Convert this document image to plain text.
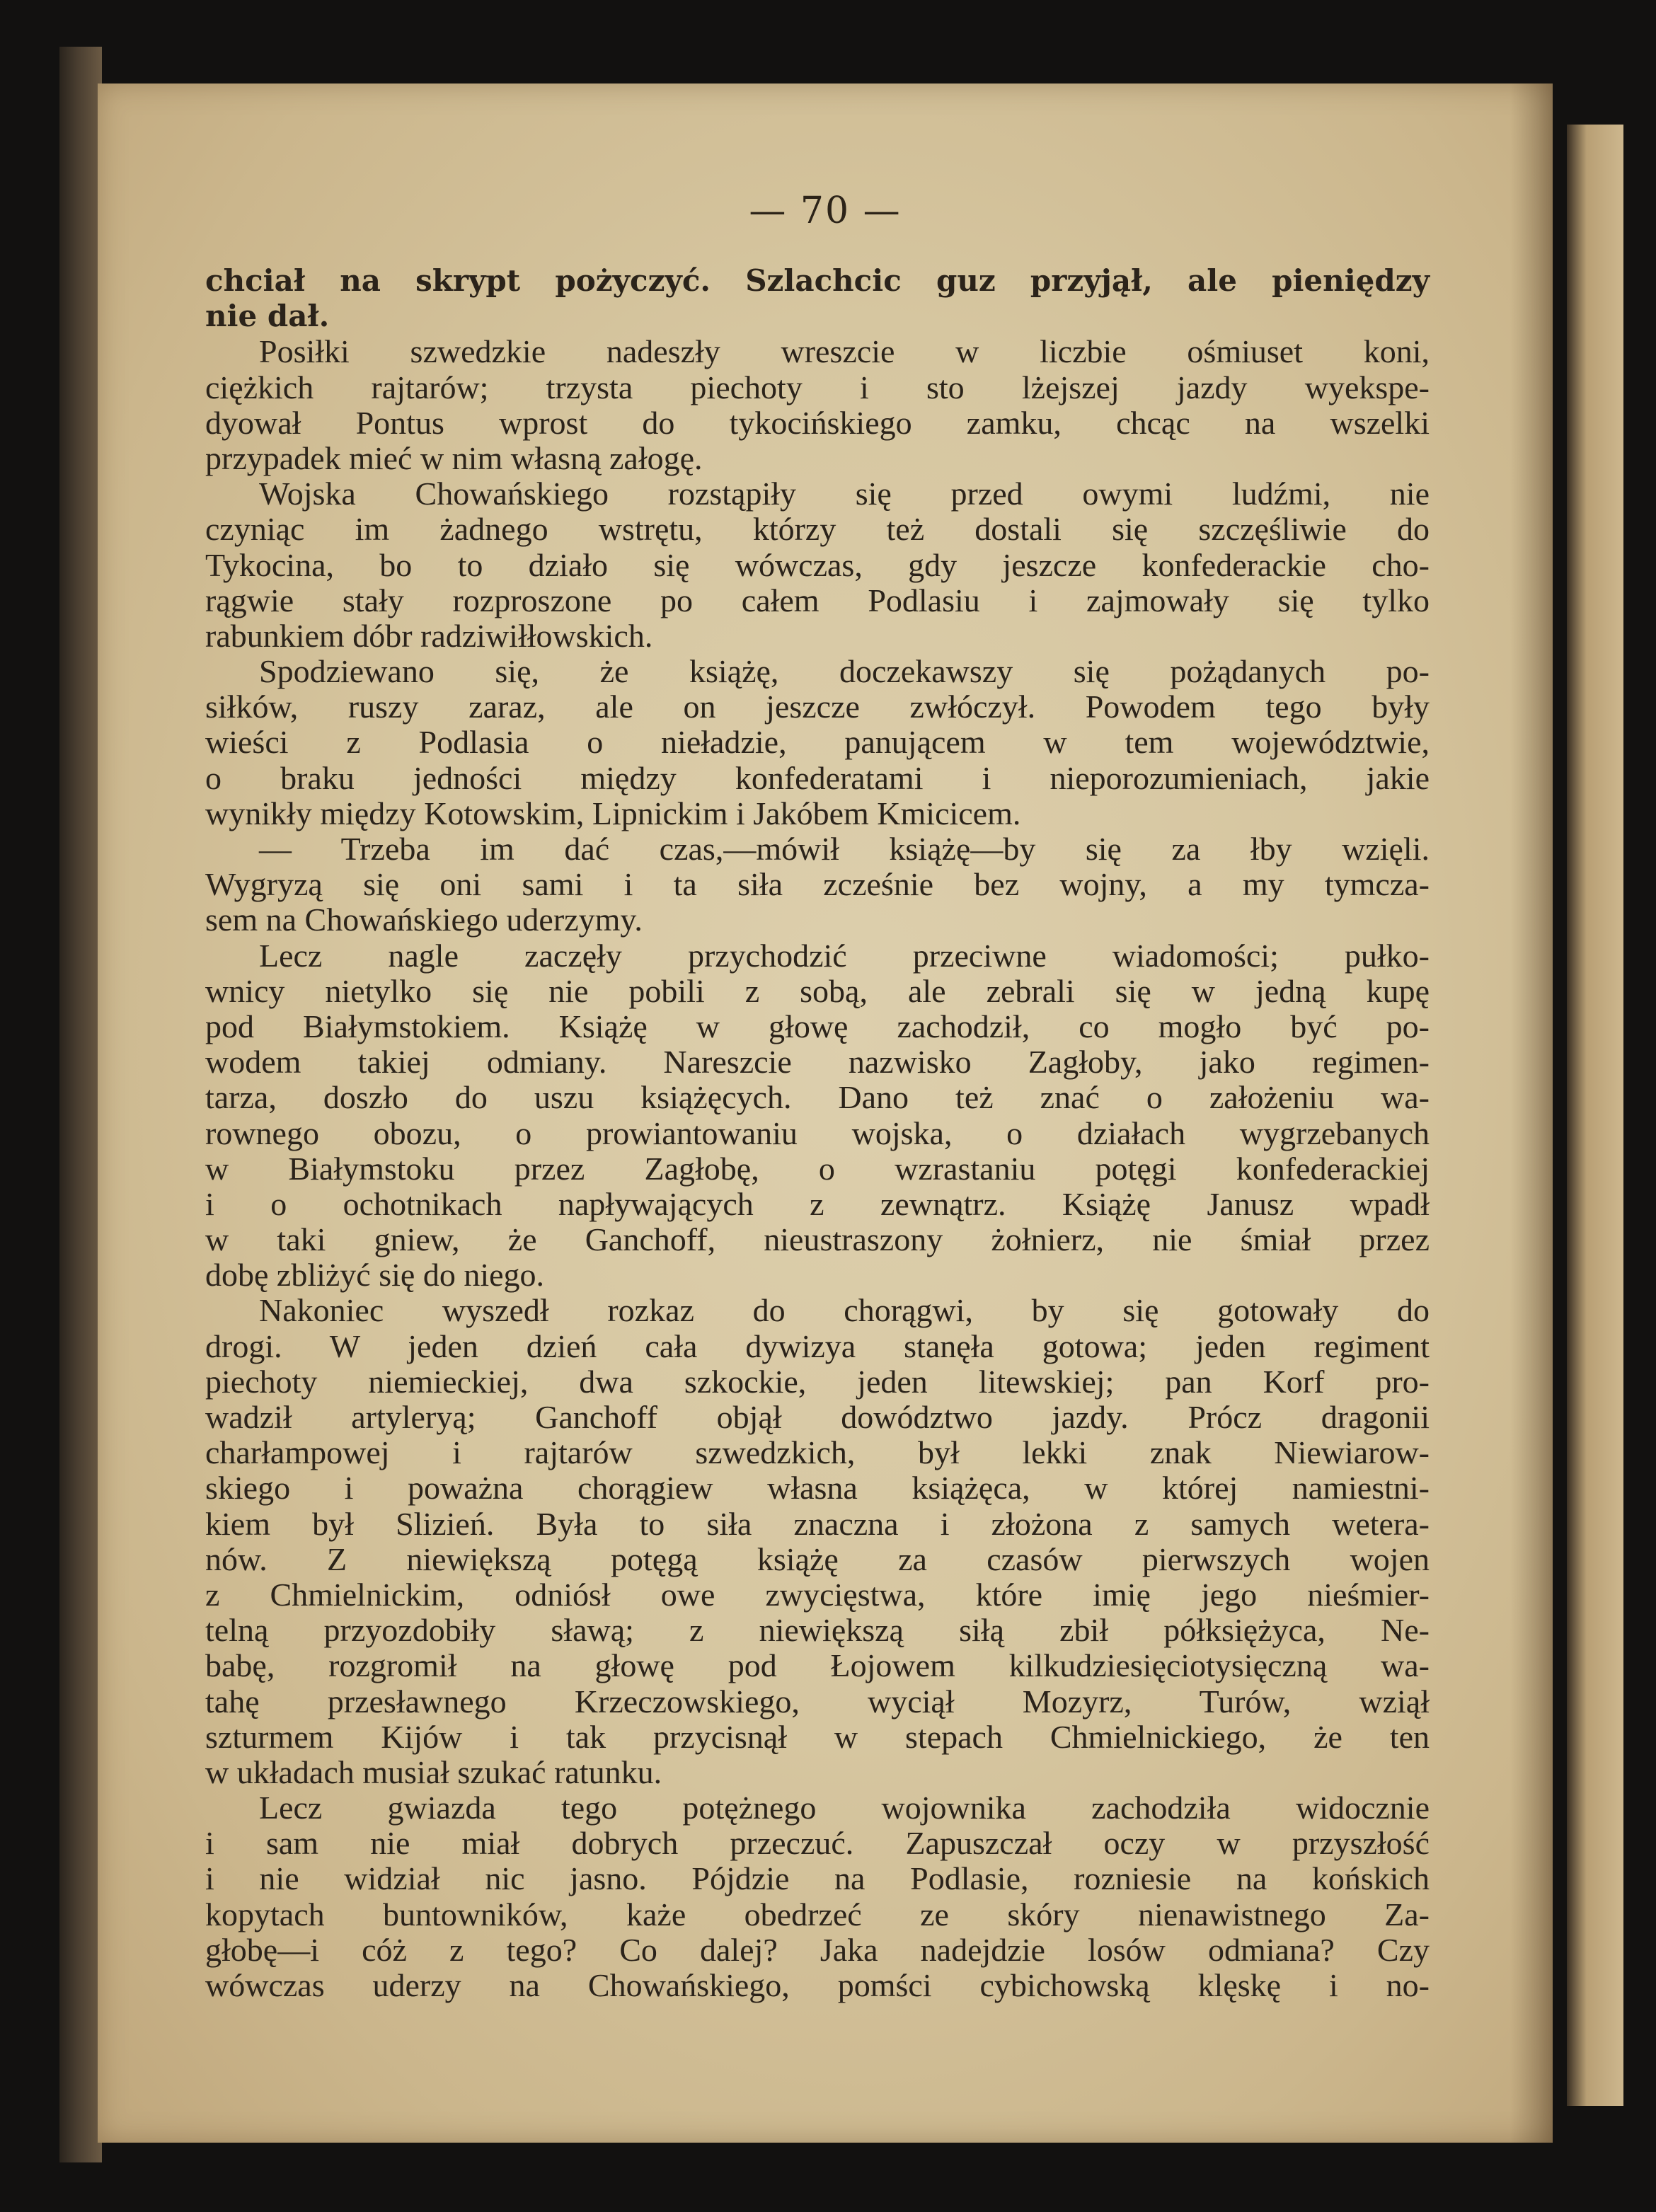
— 70 —
chciał na skrypt pożyczyć. Szlachcic guz przyjął, ale pieniędzy
nie dał.
Posiłki szwedzkie nadeszły wreszcie w liczbie ośmiuset koni,
ciężkich rajtarów; trzysta piechoty i sto lżejszej jazdy wyekspe-
dyował Pontus wprost do tykocińskiego zamku, chcąc na wszelki
przypadek mieć w nim własną załogę.
Wojska Chowańskiego rozstąpiły się przed owymi ludźmi, nie
czyniąc im żadnego wstrętu, którzy też dostali się szczęśliwie do
Tykocina, bo to działo się wówczas, gdy jeszcze konfederackie cho-
rągwie stały rozproszone po całem Podlasiu i zajmowały się tylko
rabunkiem dóbr radziwiłłowskich.
Spodziewano się, że książę, doczekawszy się pożądanych po-
siłków, ruszy zaraz, ale on jeszcze zwłóczył. Powodem tego były
wieści z Podlasia o nieładzie, panującem w tem województwie,
o braku jedności między konfederatami i nieporozumieniach, jakie
wynikły między Kotowskim, Lipnickim i Jakóbem Kmicicem.
— Trzeba im dać czas,—mówił książę—by się za łby wzięli.
Wygryzą się oni sami i ta siła zcześnie bez wojny, a my tymcza-
sem na Chowańskiego uderzymy.
Lecz nagle zaczęły przychodzić przeciwne wiadomości; pułko-
wnicy nietylko się nie pobili z sobą, ale zebrali się w jedną kupę
pod Białymstokiem. Książę w głowę zachodził, co mogło być po-
wodem takiej odmiany. Nareszcie nazwisko Zagłoby, jako regimen-
tarza, doszło do uszu książęcych. Dano też znać o założeniu wa-
rownego obozu, o prowiantowaniu wojska, o działach wygrzebanych
w Białymstoku przez Zagłobę, o wzrastaniu potęgi konfederackiej
i o ochotnikach napływających z zewnątrz. Książę Janusz wpadł
w taki gniew, że Ganchoff, nieustraszony żołnierz, nie śmiał przez
dobę zbliżyć się do niego.
Nakoniec wyszedł rozkaz do chorągwi, by się gotowały do
drogi. W jeden dzień cała dywizya stanęła gotowa; jeden regiment
piechoty niemieckiej, dwa szkockie, jeden litewskiej; pan Korf pro-
wadził artyleryą; Ganchoff objął dowództwo jazdy. Prócz dragonii
charłampowej i rajtarów szwedzkich, był lekki znak Niewiarow-
skiego i poważna chorągiew własna książęca, w której namiestni-
kiem był Slizień. Była to siła znaczna i złożona z samych wetera-
nów. Z niewiększą potęgą książę za czasów pierwszych wojen
z Chmielnickim, odniósł owe zwycięstwa, które imię jego nieśmier-
telną przyozdobiły sławą; z niewiększą siłą zbił półksiężyca, Ne-
babę, rozgromił na głowę pod Łojowem kilkudziesięciotysięczną wa-
tahę przesławnego Krzeczowskiego, wyciął Mozyrz, Turów, wziął
szturmem Kijów i tak przycisnął w stepach Chmielnickiego, że ten
w układach musiał szukać ratunku.
Lecz gwiazda tego potężnego wojownika zachodziła widocznie
i sam nie miał dobrych przeczuć. Zapuszczał oczy w przyszłość
i nie widział nic jasno. Pójdzie na Podlasie, rozniesie na końskich
kopytach buntowników, każe obedrzeć ze skóry nienawistnego Za-
głobę—i cóż z tego? Co dalej? Jaka nadejdzie losów odmiana? Czy
wówczas uderzy na Chowańskiego, pomści cybichowską klęskę i no-
